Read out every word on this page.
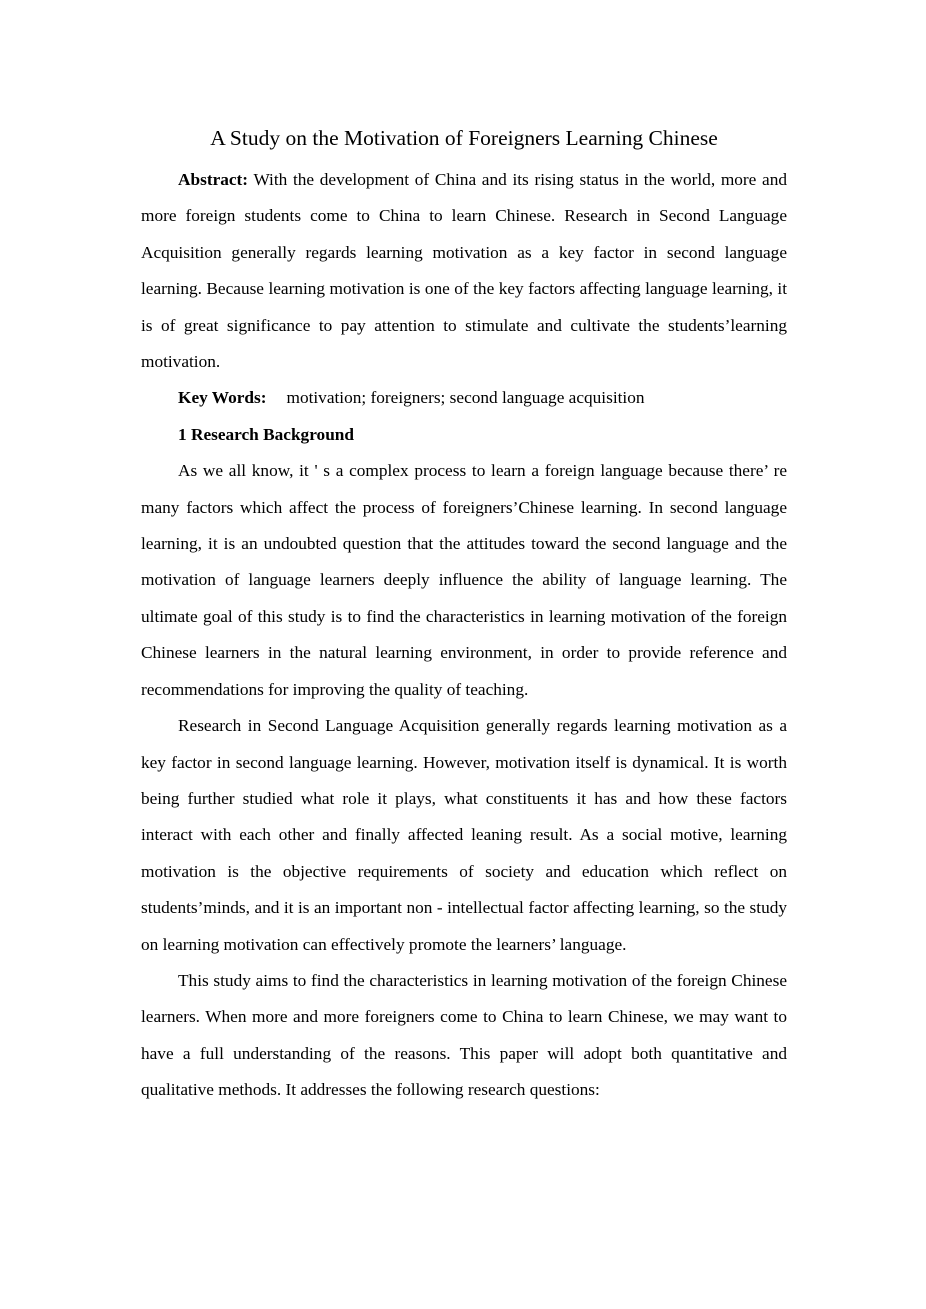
A Study on the Motivation of Foreigners Learning Chinese

Abstract: With the development of China and its rising status in the world, more and more foreign students come to China to learn Chinese. Research in Second Language Acquisition generally regards learning motivation as a key factor in second language learning. Because learning motivation is one of the key factors affecting language learning, it is of great significance to pay attention to stimulate and cultivate the students’learning motivation.

Key Words: motivation; foreigners; second language acquisition

1 Research Background

As we all know, it ' s a complex process to learn a foreign language because there’ re many factors which affect the process of foreigners’Chinese learning. In second language learning, it is an undoubted question that the attitudes toward the second language and the motivation of language learners deeply influence the ability of language learning. The ultimate goal of this study is to find the characteristics in learning motivation of the foreign Chinese learners in the natural learning environment, in order to provide reference and recommendations for improving the quality of teaching.

Research in Second Language Acquisition generally regards learning motivation as a key factor in second language learning. However, motivation itself is dynamical. It is worth being further studied what role it plays, what constituents it has and how these factors interact with each other and finally affected leaning result. As a social motive, learning motivation is the objective requirements of society and education which reflect on students’minds, and it is an important non - intellectual factor affecting learning, so the study on learning motivation can effectively promote the learners’ language.

This study aims to find the characteristics in learning motivation of the foreign Chinese learners. When more and more foreigners come to China to learn Chinese, we may want to have a full understanding of the reasons. This paper will adopt both quantitative and qualitative methods. It addresses the following research questions:
